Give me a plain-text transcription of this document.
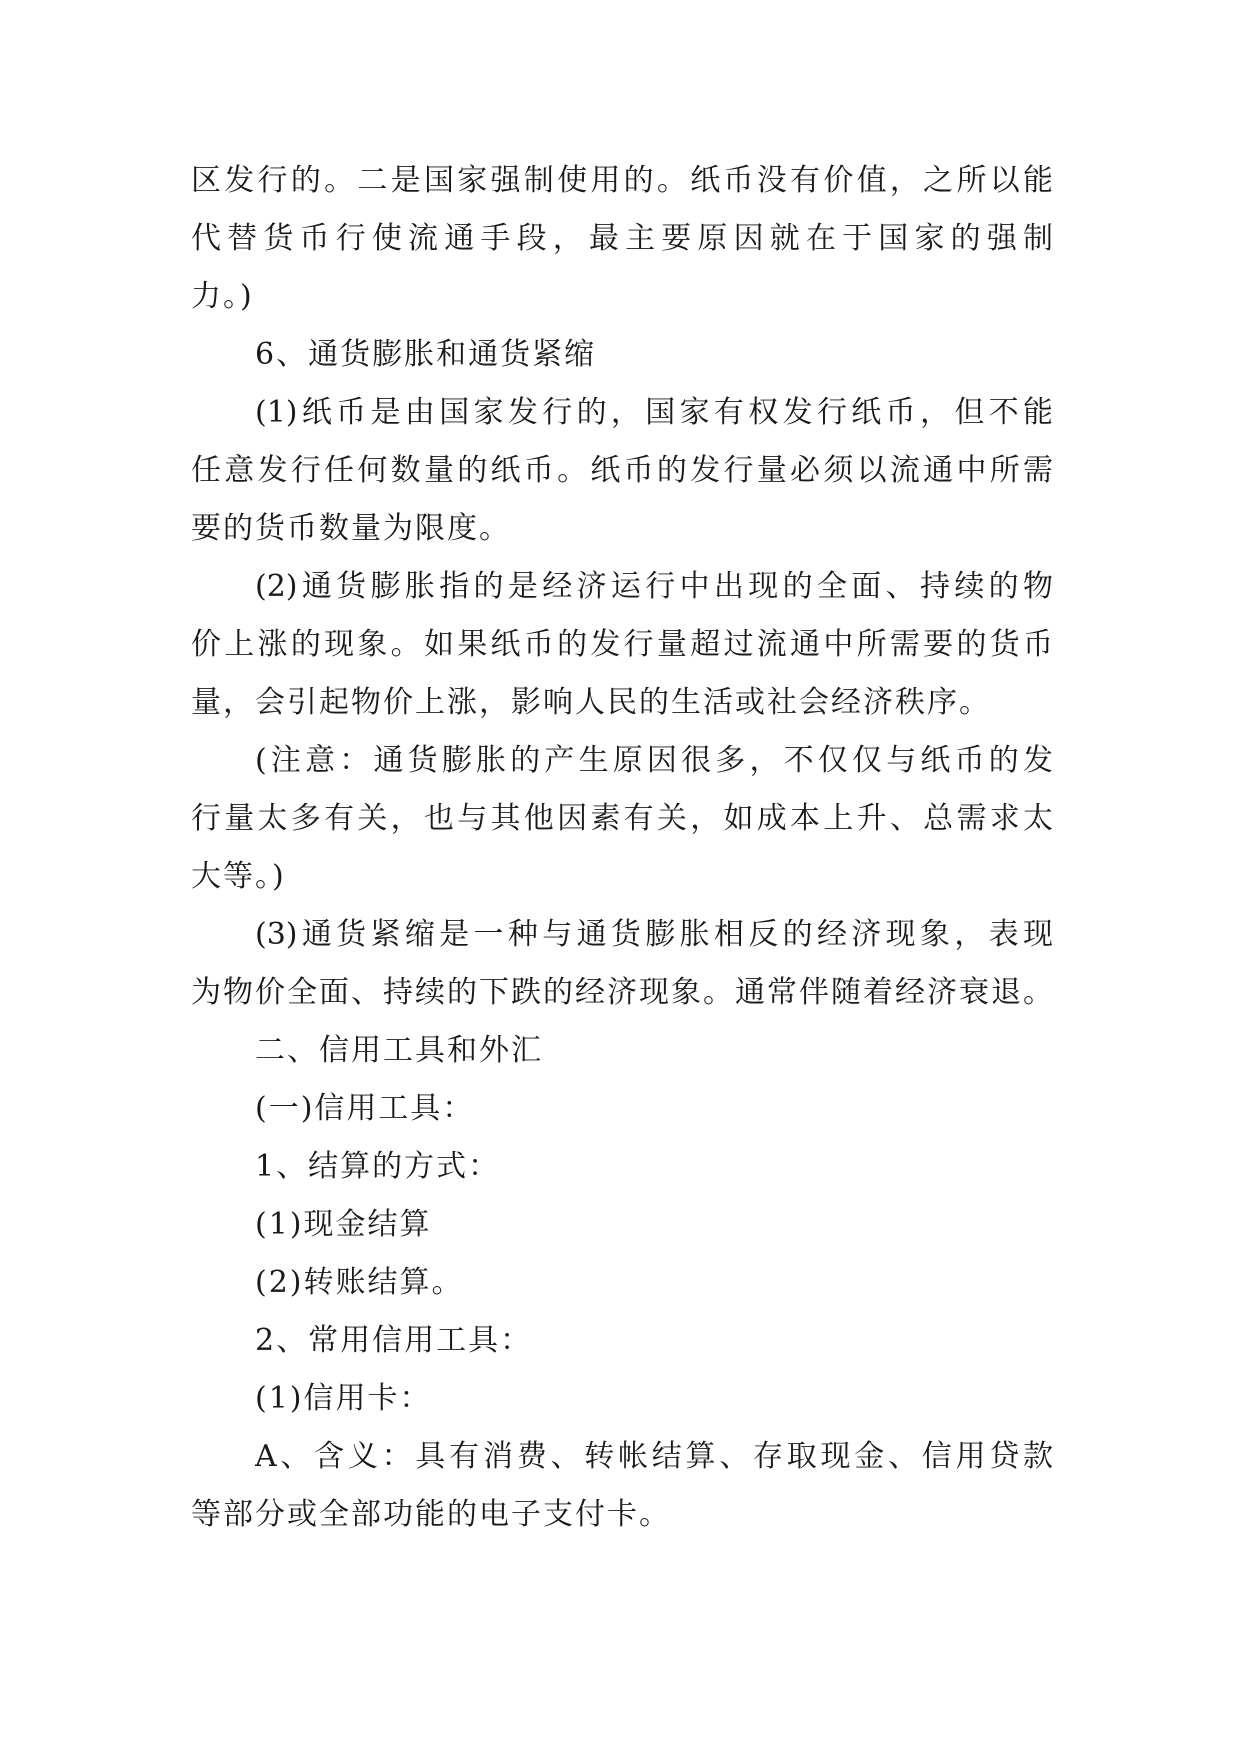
区发行的。二是国家强制使用的。纸币没有价值，之所以能
代替货币行使流通手段，最主要原因就在于国家的强制
力。)
6、通货膨胀和通货紧缩
(1)纸币是由国家发行的，国家有权发行纸币，但不能
任意发行任何数量的纸币。纸币的发行量必须以流通中所需
要的货币数量为限度。
(2)通货膨胀指的是经济运行中出现的全面、持续的物
价上涨的现象。如果纸币的发行量超过流通中所需要的货币
量，会引起物价上涨，影响人民的生活或社会经济秩序。
(注意：通货膨胀的产生原因很多，不仅仅与纸币的发
行量太多有关，也与其他因素有关，如成本上升、总需求太
大等。)
(3)通货紧缩是一种与通货膨胀相反的经济现象，表现
为物价全面、持续的下跌的经济现象。通常伴随着经济衰退。
二、信用工具和外汇
(一)信用工具：
1、结算的方式：
(1)现金结算
(2)转账结算。
2、常用信用工具：
(1)信用卡：
A、含义：具有消费、转帐结算、存取现金、信用贷款
等部分或全部功能的电子支付卡。
